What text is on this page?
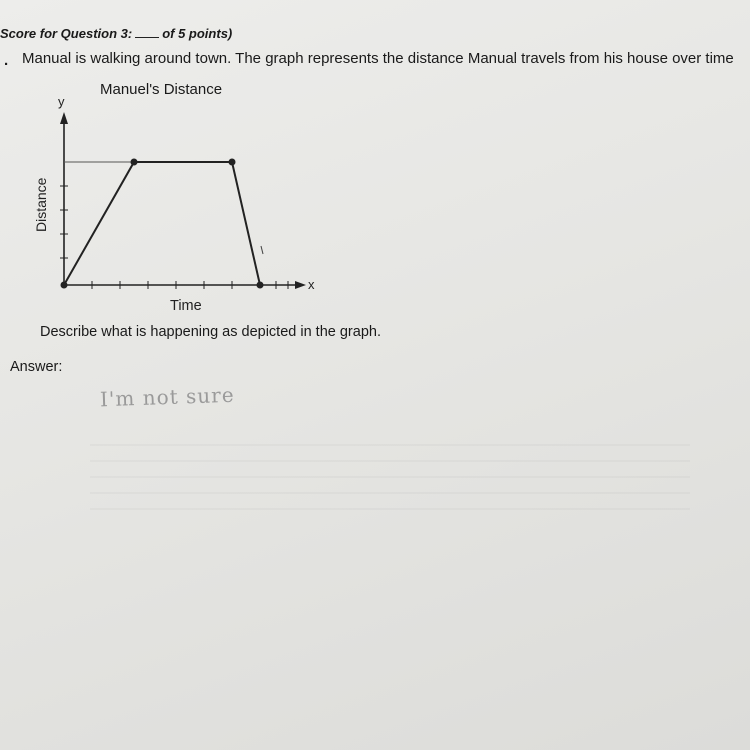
Score for Question 3: of 5 points)
. Manual is walking around town. The graph represents the distance Manual travels from his house over time
Manuel's Distance
y
x
Distance
Time
Describe what is happening as depicted in the graph.
Answer:
I'm not sure
